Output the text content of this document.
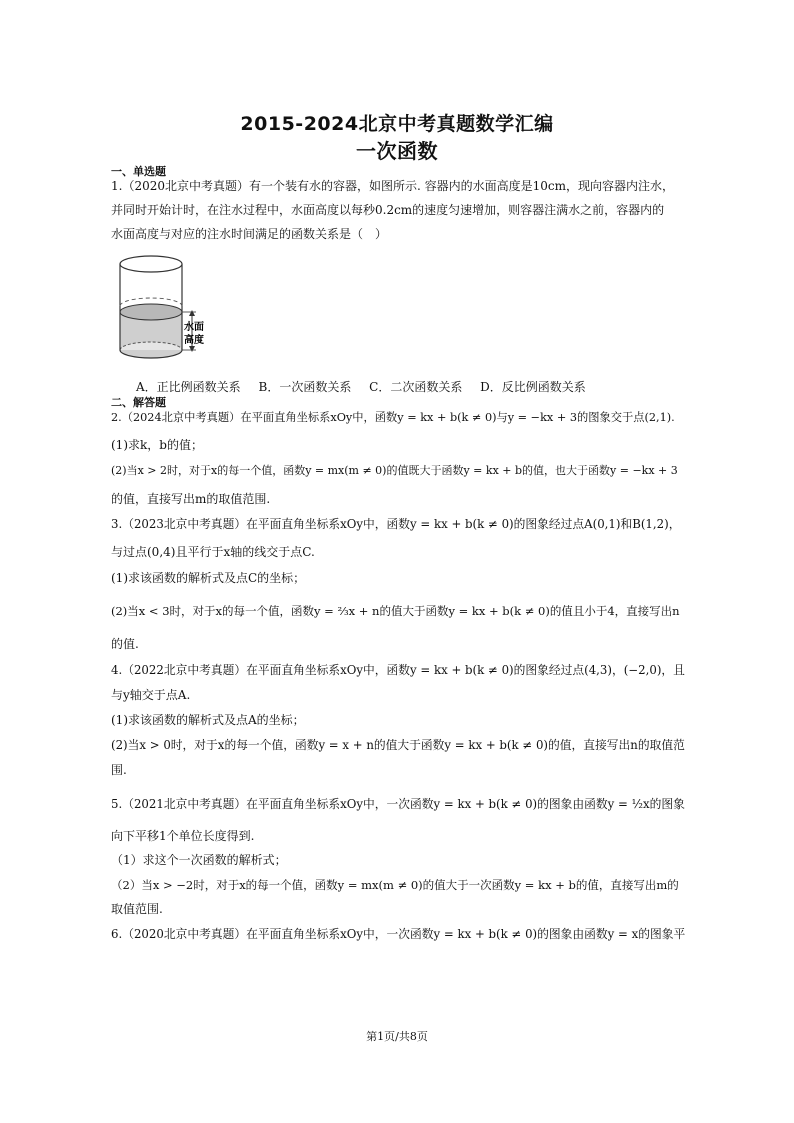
2015-2024北京中考真题数学汇编
一次函数
一、单选题
1.（2020北京中考真题）有一个装有水的容器，如图所示. 容器内的水面高度是10cm，现向容器内注水，
并同时开始计时，在注水过程中，水面高度以每秒0.2cm的速度匀速增加，则容器注满水之前，容器内的
水面高度与对应的注水时间满足的函数关系是（　）
水面
高度
A．正比例函数关系 B．一次函数关系 C．二次函数关系 D．反比例函数关系
二、解答题
2.（2024北京中考真题）在平面直角坐标系xOy中，函数y = kx + b(k ≠ 0)与y = −kx + 3的图象交于点(2,1).
(1)求k，b的值；
(2)当x > 2时，对于x的每一个值，函数y = mx(m ≠ 0)的值既大于函数y = kx + b的值，也大于函数y = −kx + 3
的值，直接写出m的取值范围.
3.（2023北京中考真题）在平面直角坐标系xOy中，函数y = kx + b(k ≠ 0)的图象经过点A(0,1)和B(1,2)，
与过点(0,4)且平行于x轴的线交于点C.
(1)求该函数的解析式及点C的坐标；
(2)当x < 3时，对于x的每一个值，函数y = ⅔x + n的值大于函数y = kx + b(k ≠ 0)的值且小于4，直接写出n
的值.
4.（2022北京中考真题）在平面直角坐标系xOy中，函数y = kx + b(k ≠ 0)的图象经过点(4,3)，(−2,0)，且
与y轴交于点A.
(1)求该函数的解析式及点A的坐标；
(2)当x > 0时，对于x的每一个值，函数y = x + n的值大于函数y = kx + b(k ≠ 0)的值，直接写出n的取值范
围.
5.（2021北京中考真题）在平面直角坐标系xOy中，一次函数y = kx + b(k ≠ 0)的图象由函数y = ½x的图象
向下平移1个单位长度得到.
（1）求这个一次函数的解析式；
（2）当x > −2时，对于x的每一个值，函数y = mx(m ≠ 0)的值大于一次函数y = kx + b的值，直接写出m的
取值范围.
6.（2020北京中考真题）在平面直角坐标系xOy中，一次函数y = kx + b(k ≠ 0)的图象由函数y = x的图象平
第1页/共8页
